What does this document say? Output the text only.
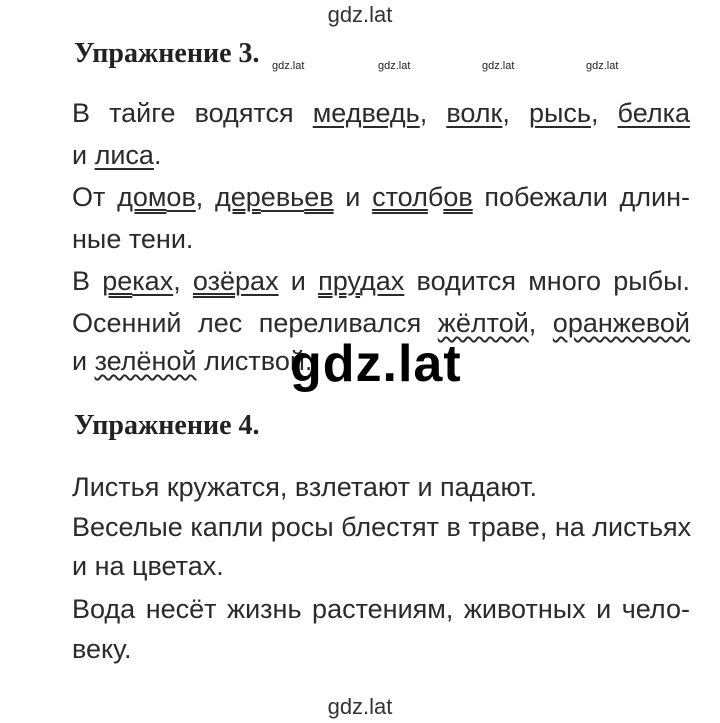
gdz.lat
Упражнение 3. gdz.lat	gdz.lat	gdz.lat	gdz.lat
В тайге водятся медведь, волк, рысь, белка
и лиса.
От домов, деревьев и столбов побежали длин-
ные тени.
В реках, озёрах и прудах водится много рыбы.
Осенний лес переливался жёлтой, оранжевой
и зелёной листвой.
gdz.lat
Упражнение 4.
Листья кружатся, взлетают и падают.
Веселые капли росы блестят в траве, на листьях
и на цветах.
Вода несёт жизнь растениям, животных и чело-
веку.
gdz.lat
